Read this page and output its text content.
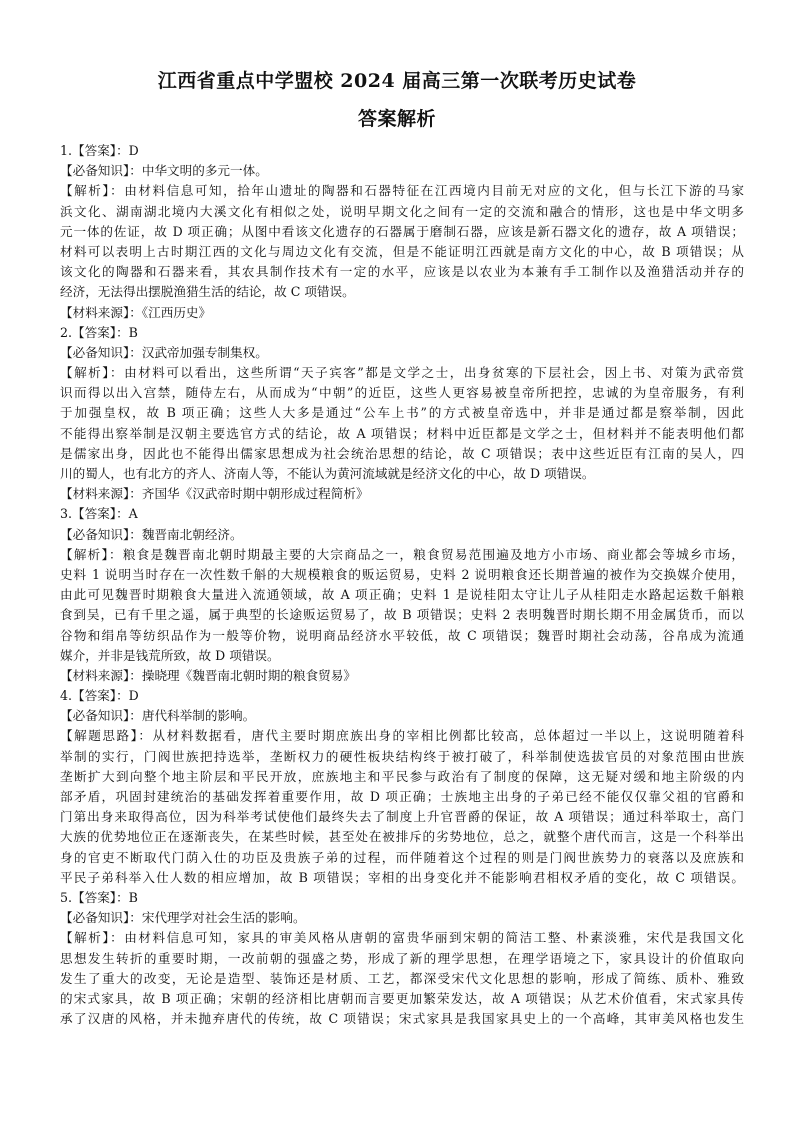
江西省重点中学盟校 2024 届高三第一次联考历史试卷
答案解析
1.【答案】：D
【必备知识】：中华文明的多元一体。
【解析】：由材料信息可知，拾年山遗址的陶器和石器特征在江西境内目前无对应的文化，但与长江下游的马家
浜文化、湖南湖北境内大溪文化有相似之处，说明早期文化之间有一定的交流和融合的情形，这也是中华文明多
元一体的佐证，故 D 项正确；从图中看该文化遗存的石器属于磨制石器，应该是新石器文化的遗存，故 A 项错误；
材料可以表明上古时期江西的文化与周边文化有交流，但是不能证明江西就是南方文化的中心，故 B 项错误；从
该文化的陶器和石器来看，其农具制作技术有一定的水平，应该是以农业为本兼有手工制作以及渔猎活动并存的
经济，无法得出摆脱渔猎生活的结论，故 C 项错误。
【材料来源】：《江西历史》
2.【答案】：B
【必备知识】：汉武帝加强专制集权。
【解析】：由材料可以看出，这些所谓“天子宾客”都是文学之士，出身贫寒的下层社会，因上书、对策为武帝赏
识而得以出入宫禁，随侍左右，从而成为“中朝”的近臣，这些人更容易被皇帝所把控，忠诚的为皇帝服务，有利
于加强皇权，故 B 项正确；这些人大多是通过“公车上书”的方式被皇帝选中，并非是通过都是察举制，因此
不能得出察举制是汉朝主要选官方式的结论，故 A 项错误；材料中近臣都是文学之士，但材料并不能表明他们都
是儒家出身，因此也不能得出儒家思想成为社会统治思想的结论，故 C 项错误；表中这些近臣有江南的吴人，四
川的蜀人，也有北方的齐人、济南人等，不能认为黄河流域就是经济文化的中心，故 D 项错误。
【材料来源】：齐国华《汉武帝时期中朝形成过程简析》
3.【答案】：A
【必备知识】：魏晋南北朝经济。
【解析】：粮食是魏晋南北朝时期最主要的大宗商品之一，粮食贸易范围遍及地方小市场、商业都会等城乡市场，
史料 1 说明当时存在一次性数千斛的大规模粮食的贩运贸易，史料 2 说明粮食还长期普遍的被作为交换媒介使用，
由此可见魏晋时期粮食大量进入流通领域，故 A 项正确；史料 1 是说桂阳太守让儿子从桂阳走水路起运数千斛粮
食到吴，已有千里之遥，属于典型的长途贩运贸易了，故 B 项错误；史料 2 表明魏晋时期长期不用金属货币，而以
谷物和绢帛等纺织品作为一般等价物，说明商品经济水平较低，故 C 项错误；魏晋时期社会动荡，谷帛成为流通
媒介，并非是钱荒所致，故 D 项错误。
【材料来源】：操晓理《魏晋南北朝时期的粮食贸易》
4.【答案】：D
【必备知识】：唐代科举制的影响。
【解题思路】：从材料数据看，唐代主要时期庶族出身的宰相比例都比较高，总体超过一半以上，这说明随着科
举制的实行，门阀世族把持选举，垄断权力的硬性板块结构终于被打破了，科举制使选拔官员的对象范围由世族
垄断扩大到向整个地主阶层和平民开放，庶族地主和平民参与政治有了制度的保障，这无疑对缓和地主阶级的内
部矛盾，巩固封建统治的基础发挥着重要作用，故 D 项正确；士族地主出身的子弟已经不能仅仅靠父祖的官爵和
门第出身来取得高位，因为科举考试使他们最终失去了制度上升官晋爵的保证，故 A 项错误；通过科举取士，高门
大族的优势地位正在逐渐丧失，在某些时候，甚至处在被排斥的劣势地位，总之，就整个唐代而言，这是一个科举出
身的官吏不断取代门荫入仕的功臣及贵族子弟的过程，而伴随着这个过程的则是门阀世族势力的衰落以及庶族和
平民子弟科举入仕人数的相应增加，故 B 项错误；宰相的出身变化并不能影响君相权矛盾的变化，故 C 项错误。
5.【答案】：B
【必备知识】：宋代理学对社会生活的影响。
【解析】：由材料信息可知，家具的审美风格从唐朝的富贵华丽到宋朝的简洁工整、朴素淡雅，宋代是我国文化
思想发生转折的重要时期，一改前朝的强盛之势，形成了新的理学思想，在理学语境之下，家具设计的价值取向
发生了重大的改变，无论是造型、装饰还是材质、工艺，都深受宋代文化思想的影响，形成了简练、质朴、雅致
的宋式家具，故 B 项正确；宋朝的经济相比唐朝而言要更加繁荣发达，故 A 项错误；从艺术价值看，宋式家具传
承了汉唐的风格，并未抛弃唐代的传统，故 C 项错误；宋式家具是我国家具史上的一个高峰，其审美风格也发生
